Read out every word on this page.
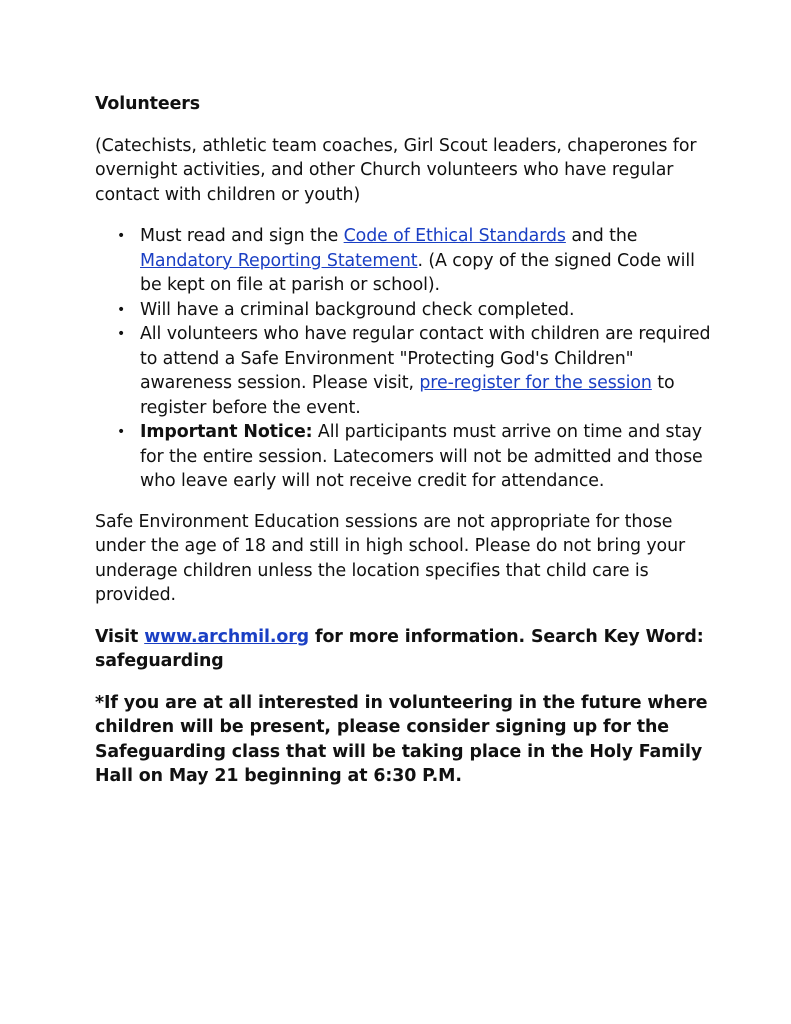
Volunteers
(Catechists, athletic team coaches, Girl Scout leaders, chaperones for overnight activities, and other Church volunteers who have regular contact with children or youth)
• Must read and sign the Code of Ethical Standards and the Mandatory Reporting Statement. (A copy of the signed Code will be kept on file at parish or school).
• Will have a criminal background check completed.
• All volunteers who have regular contact with children are required to attend a Safe Environment "Protecting God's Children" awareness session. Please visit, pre-register for the session to register before the event.
• Important Notice: All participants must arrive on time and stay for the entire session. Latecomers will not be admitted and those who leave early will not receive credit for attendance.
Safe Environment Education sessions are not appropriate for those under the age of 18 and still in high school. Please do not bring your underage children unless the location specifies that child care is provided.
Visit www.archmil.org for more information. Search Key Word: safeguarding
*If you are at all interested in volunteering in the future where children will be present, please consider signing up for the Safeguarding class that will be taking place in the Holy Family Hall on May 21 beginning at 6:30 P.M.
